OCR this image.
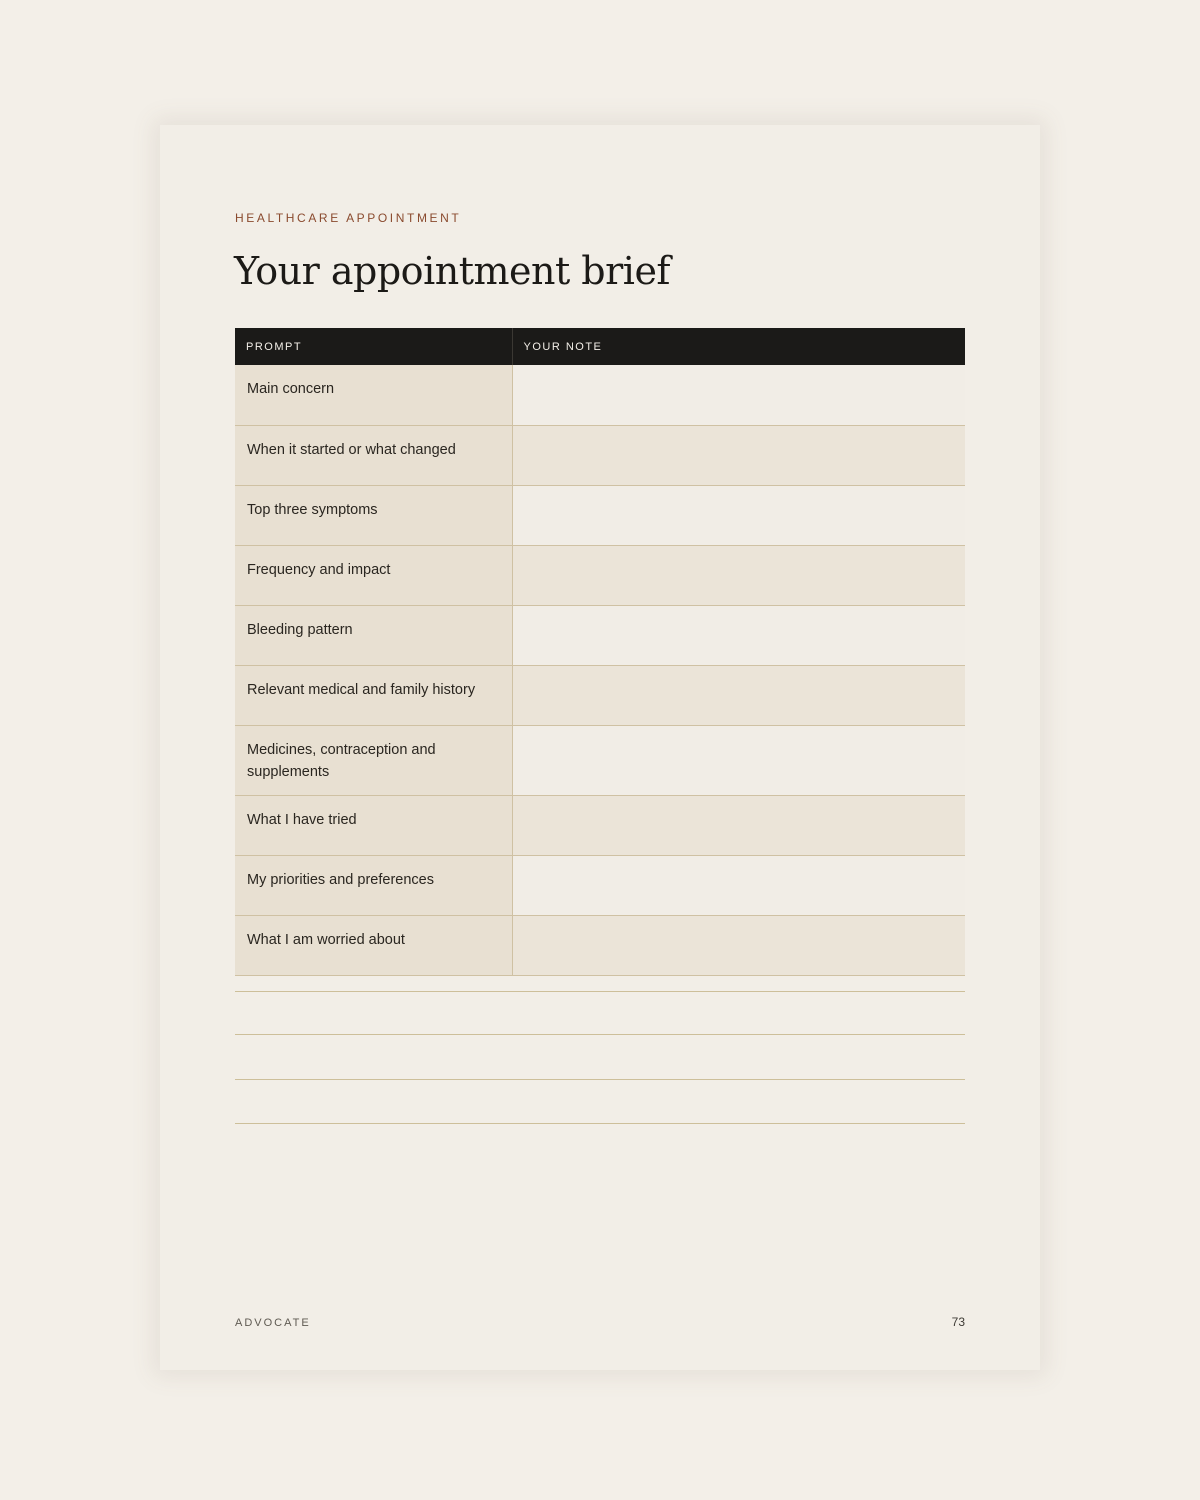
HEALTHCARE APPOINTMENT
Your appointment brief
PROMPT	YOUR NOTE
Main concern	
When it started or what changed	
Top three symptoms	
Frequency and impact	
Bleeding pattern	
Relevant medical and family history	
Medicines, contraception and supplements	
What I have tried	
My priorities and preferences	
What I am worried about	
ADVOCATE	73
